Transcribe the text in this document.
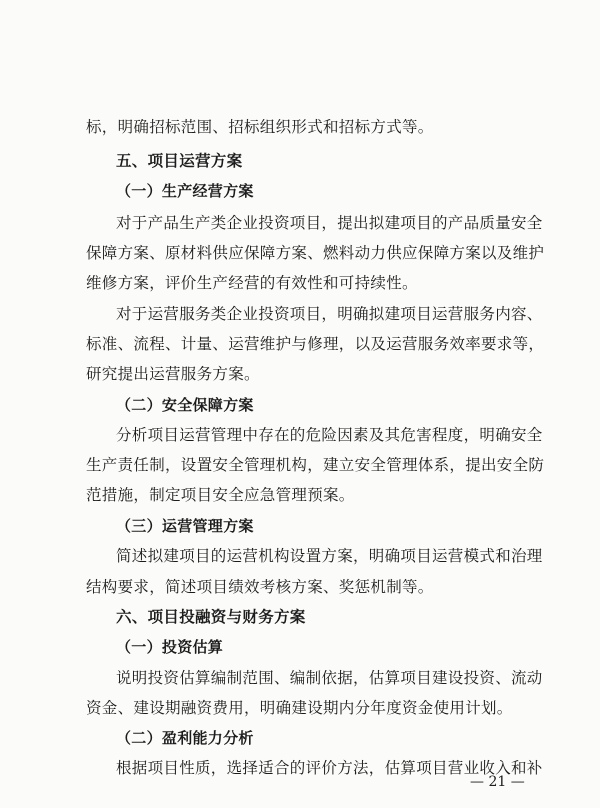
标，明确招标范围、招标组织形式和招标方式等。
五、项目运营方案
（一）生产经营方案
对于产品生产类企业投资项目，提出拟建项目的产品质量安全
保障方案、原材料供应保障方案、燃料动力供应保障方案以及维护
维修方案，评价生产经营的有效性和可持续性。
对于运营服务类企业投资项目，明确拟建项目运营服务内容、
标准、流程、计量、运营维护与修理，以及运营服务效率要求等，
研究提出运营服务方案。
（二）安全保障方案
分析项目运营管理中存在的危险因素及其危害程度，明确安全
生产责任制，设置安全管理机构，建立安全管理体系，提出安全防
范措施，制定项目安全应急管理预案。
（三）运营管理方案
简述拟建项目的运营机构设置方案，明确项目运营模式和治理
结构要求，简述项目绩效考核方案、奖惩机制等。
六、项目投融资与财务方案
（一）投资估算
说明投资估算编制范围、编制依据，估算项目建设投资、流动
资金、建设期融资费用，明确建设期内分年度资金使用计划。
（二）盈利能力分析
根据项目性质，选择适合的评价方法，估算项目营业收入和补
— 21 —
